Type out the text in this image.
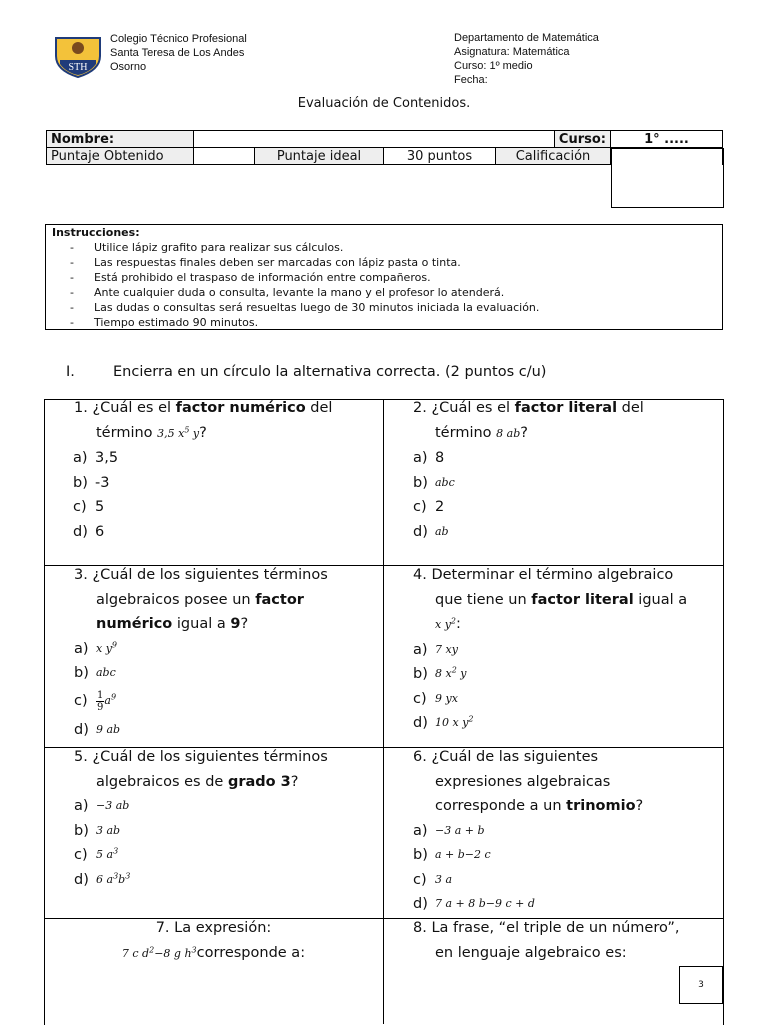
STH
Colegio Técnico Profesional
Santa Teresa de Los Andes
Osorno
Departamento de Matemática
Asignatura: Matemática
Curso: 1º medio
Fecha:
Evaluación de Contenidos.
Nombre:					Curso:	1° .....
Puntaje Obtenido		Puntaje ideal	30 puntos	Calificación		
Instrucciones:
- Utilice lápiz grafito para realizar sus cálculos.
- Las respuestas finales deben ser marcadas con lápiz pasta o tinta.
- Está prohibido el traspaso de información entre compañeros.
- Ante cualquier duda o consulta, levante la mano y el profesor lo atenderá.
- Las dudas o consultas será resueltas luego de 30 minutos iniciada la evaluación.
- Tiempo estimado 90 minutos.
I.	Encierra en un círculo la alternativa correcta. (2 puntos c/u)
1. ¿Cuál es el factor numérico del
término 3,5 $x^5$ y?
a) 3,5
b) -3
c) 5
d) 6
2. ¿Cuál es el factor literal del
término 8 ab?
a) 8
b) abc
c) 2
d) ab
3. ¿Cuál de los siguientes términos
algebraicos posee un factor
numérico igual a 9?
a) x $y^9$
b) abc
$c) \frac{1}{9} a^9$
d) 9 ab
4. Determinar el término algebraico
que tiene un factor literal igual a
x $y^2$:
a) 7 xy
b) 8 $x^2$ y
c) 9 yx
d) 10 x $y^2$
5. ¿Cuál de los siguientes términos
algebraicos es de grado 3?
a) −3 ab
b) 3 ab
c) 5 $a^3$
d) 6 $a^3b^3$
6. ¿Cuál de las siguientes
expresiones algebraicas
corresponde a un trinomio?
a) −3 a + b
b) a + b−2 c
c) 3 a
d) 7 a + 8 b−9 c + d
7. La expresión:
7 c $d^2-8$ g $h^3corresponde$ a:
8. La frase, “el triple de un número”,
en lenguaje algebraico es:
3
